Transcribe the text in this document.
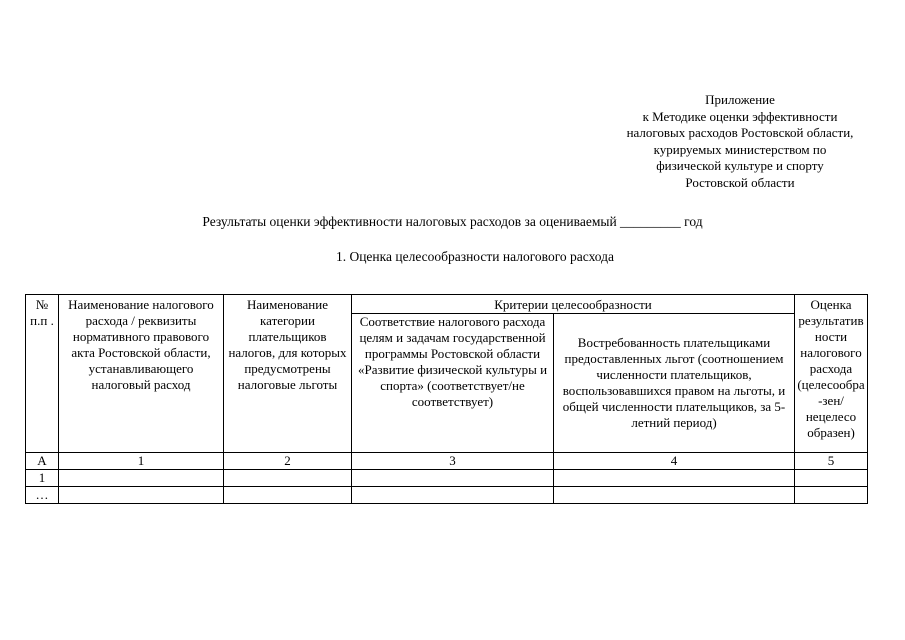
Приложение
к Методике оценки эффективности
налоговых расходов Ростовской области,
курируемых министерством по
физической культуре и спорту
Ростовской области
Результаты оценки эффективности налоговых расходов за оцениваемый _________ год
1. Оценка целесообразности налогового расхода
№ п.п .	Наименование налогового расхода / реквизиты нормативного правового акта Ростовской области, устанавливающего налоговый расход	Наименование категории плательщиков налогов, для которых предусмотрены налоговые льготы	Критерии целесообразности		Оценка результатив ности налогового расхода (целесообра-зен/нецелесо образен)
			Соответствие налогового расхода целям и задачам государственной программы Ростовской области «Развитие физической культуры и спорта» (соответствует/не соответствует)	Востребованность плательщиками предоставленных льгот (соотношением численности плательщиков, воспользовавшихся правом на льготы, и общей численности плательщиков, за 5-летний период)	
А	1	2	3	4	5
1					
…					
